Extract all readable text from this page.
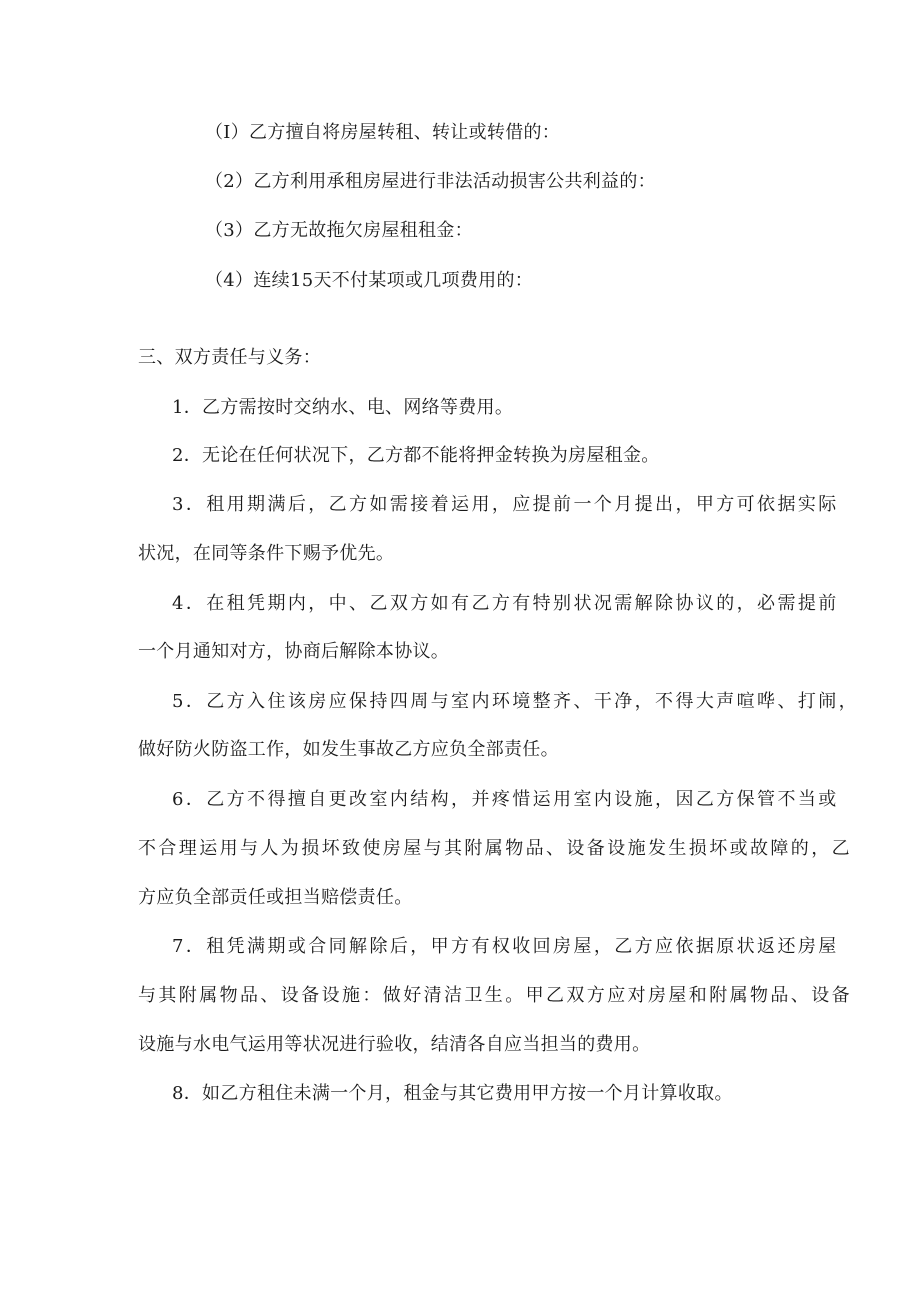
（I）乙方擅自将房屋转租、转让或转借的：
（2）乙方利用承租房屋进行非法活动损害公共利益的：
（3）乙方无故拖欠房屋租租金：
（4）连续15天不付某项或几项费用的：
三、双方责任与义务：
1．乙方需按时交纳水、电、网络等费用。
2．无论在任何状况下，乙方都不能将押金转换为房屋租金。
3．租用期满后，乙方如需接着运用，应提前一个月提出，甲方可依据实际
状况，在同等条件下赐予优先。
4．在租凭期内，中、乙双方如有乙方有特别状况需解除协议的，必需提前
一个月通知对方，协商后解除本协议。
5．乙方入住该房应保持四周与室内环境整齐、干净，不得大声喧哗、打闹，
做好防火防盗工作，如发生事故乙方应负全部责任。
6．乙方不得擅自更改室内结构，并疼惜运用室内设施，因乙方保管不当或
不合理运用与人为损坏致使房屋与其附属物品、设备设施发生损坏或故障的，乙
方应负全部贡任或担当赔偿责任。
7．租凭满期或合同解除后，甲方有权收回房屋，乙方应依据原状返还房屋
与其附属物品、设备设施：做好清洁卫生。甲乙双方应对房屋和附属物品、设备
设施与水电气运用等状况进行验收，结清各自应当担当的费用。
8．如乙方租住未满一个月，租金与其它费用甲方按一个月计算收取。
